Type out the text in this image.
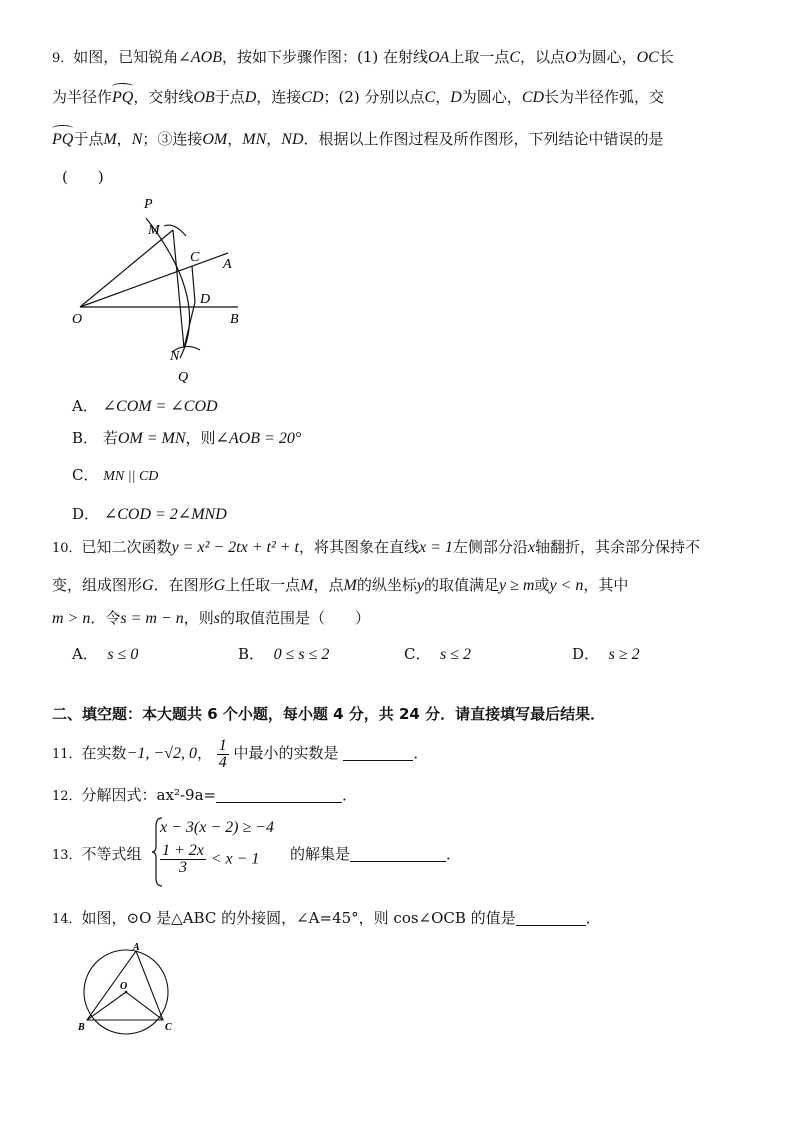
9．如图，已知锐角∠AOB，按如下步骤作图：(1) 在射线OA上取一点C，以点O为圆心，OC长
为半径作PQ，交射线OB于点D，连接CD；(2) 分别以点C，D为圆心，CD长为半径作弧，交
PQ于点M，N；③连接OM，MN，ND．根据以上作图过程及所作图形，下列结论中错误的是
(　　)
P
M
C A
D
O	B
N
Q
A． ∠COM = ∠COD
B． 若OM = MN，则∠AOB = 20°
C． MN || CD
D． ∠COD = 2∠MND
10．已知二次函数y = x² − 2tx + t² + t，将其图象在直线x = 1左侧部分沿x轴翻折，其余部分保持不
变，组成图形G．在图形G上任取一点M，点M的纵坐标y的取值满足y ≥ m或y < n，其中
m > n．令s = m − n，则s的取值范围是（　　）
A． s ≤ 0	B． 0 ≤ s ≤ 2	C． s ≤ 2	D． s ≥ 2
二、填空题：本大题共 6 个小题，每小题 4 分，共 24 分．请直接填写最后结果．
11．在实数−1, −√2, 0， $\frac{1}{4}$ 中最小的实数是	．
12．分解因式：ax²-9a=	．
13．不等式组
x − 3(x − 2) ≥ −4
$\frac{1 + 2x}{3} < x - 1$	的解集是	．
14．如图，⊙O 是△ABC 的外接圆，∠A=45°，则 cos∠OCB 的值是	．
A
O
B	C
